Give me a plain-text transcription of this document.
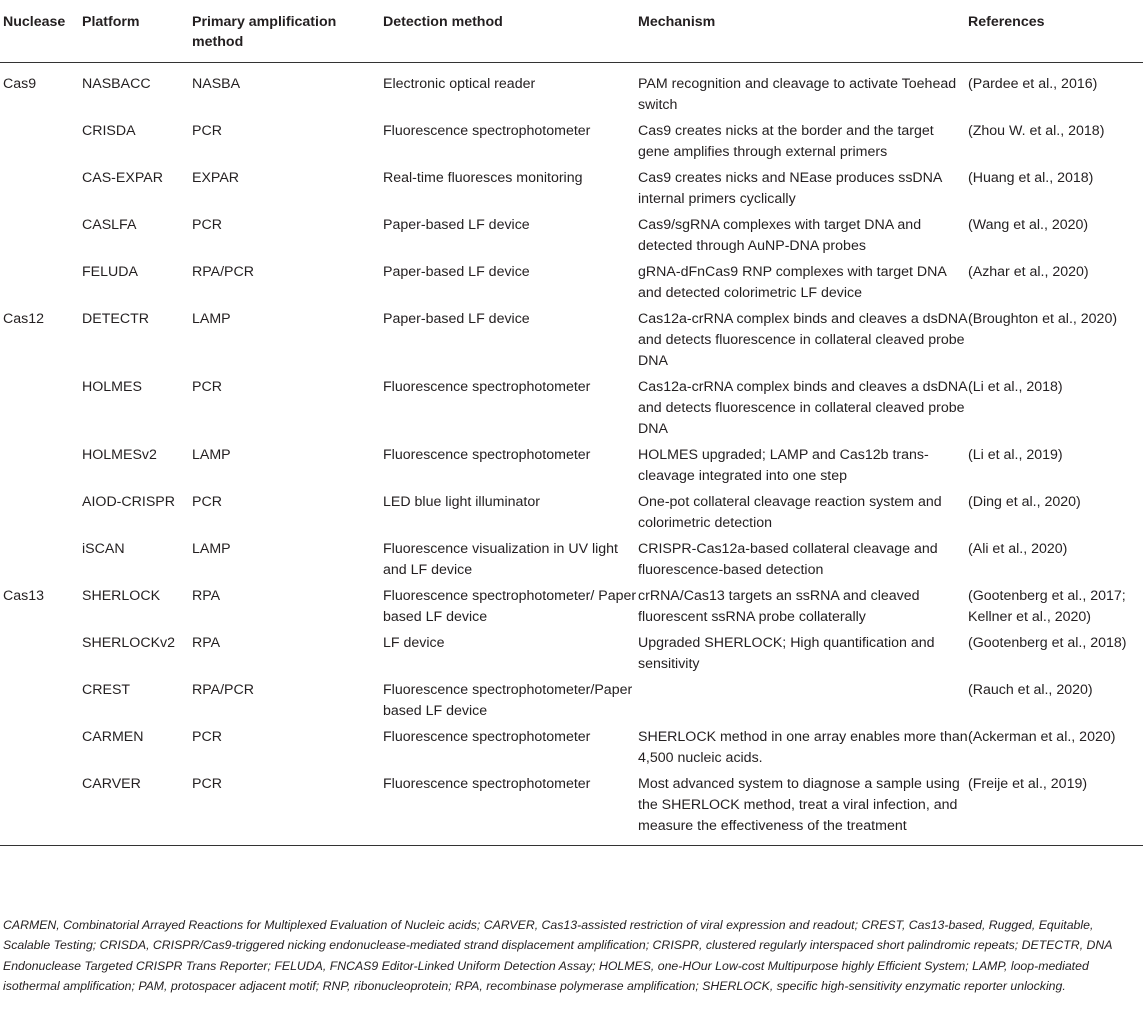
Nuclease	Platform	Primary amplification method	Detection method	Mechanism	References
Cas9	NASBACC	NASBA	Electronic optical reader	PAM recognition and cleavage to activate Toehead switch	(Pardee et al., 2016)
	CRISDA	PCR	Fluorescence spectrophotometer	Cas9 creates nicks at the border and the target gene amplifies through external primers	(Zhou W. et al., 2018)
	CAS-EXPAR	EXPAR	Real-time fluoresces monitoring	Cas9 creates nicks and NEase produces ssDNA internal primers cyclically	(Huang et al., 2018)
	CASLFA	PCR	Paper-based LF device	Cas9/sgRNA complexes with target DNA and detected through AuNP-DNA probes	(Wang et al., 2020)
	FELUDA	RPA/PCR	Paper-based LF device	gRNA-dFnCas9 RNP complexes with target DNA and detected colorimetric LF device	(Azhar et al., 2020)
Cas12	DETECTR	LAMP	Paper-based LF device	Cas12a-crRNA complex binds and cleaves a dsDNA and detects fluorescence in collateral cleaved probe DNA	(Broughton et al., 2020)
	HOLMES	PCR	Fluorescence spectrophotometer	Cas12a-crRNA complex binds and cleaves a dsDNA and detects fluorescence in collateral cleaved probe DNA	(Li et al., 2018)
	HOLMESv2	LAMP	Fluorescence spectrophotometer	HOLMES upgraded; LAMP and Cas12b trans-cleavage integrated into one step	(Li et al., 2019)
	AIOD-CRISPR	PCR	LED blue light illuminator	One-pot collateral cleavage reaction system and colorimetric detection	(Ding et al., 2020)
	iSCAN	LAMP	Fluorescence visualization in UV light and LF device	CRISPR-Cas12a-based collateral cleavage and fluorescence-based detection	(Ali et al., 2020)
Cas13	SHERLOCK	RPA	Fluorescence spectrophotometer/ Paper based LF device	crRNA/Cas13 targets an ssRNA and cleaved fluorescent ssRNA probe collaterally	(Gootenberg et al., 2017; Kellner et al., 2020)
	SHERLOCKv2	RPA	LF device	Upgraded SHERLOCK; High quantification and sensitivity	(Gootenberg et al., 2018)
	CREST	RPA/PCR	Fluorescence spectrophotometer/Paper based LF device		(Rauch et al., 2020)
	CARMEN	PCR	Fluorescence spectrophotometer	SHERLOCK method in one array enables more than 4,500 nucleic acids.	(Ackerman et al., 2020)
	CARVER	PCR	Fluorescence spectrophotometer	Most advanced system to diagnose a sample using the SHERLOCK method, treat a viral infection, and measure the effectiveness of the treatment	(Freije et al., 2019)
CARMEN, Combinatorial Arrayed Reactions for Multiplexed Evaluation of Nucleic acids; CARVER, Cas13-assisted restriction of viral expression and readout; CREST, Cas13-based, Rugged, Equitable, Scalable Testing; CRISDA, CRISPR/Cas9-triggered nicking endonuclease-mediated strand displacement amplification; CRISPR, clustered regularly interspaced short palindromic repeats; DETECTR, DNA Endonuclease Targeted CRISPR Trans Reporter; FELUDA, FNCAS9 Editor-Linked Uniform Detection Assay; HOLMES, one-HOur Low-cost Multipurpose highly Efficient System; LAMP, loop-mediated isothermal amplification; PAM, protospacer adjacent motif; RNP, ribonucleoprotein; RPA, recombinase polymerase amplification; SHERLOCK, specific high-sensitivity enzymatic reporter unlocking.
